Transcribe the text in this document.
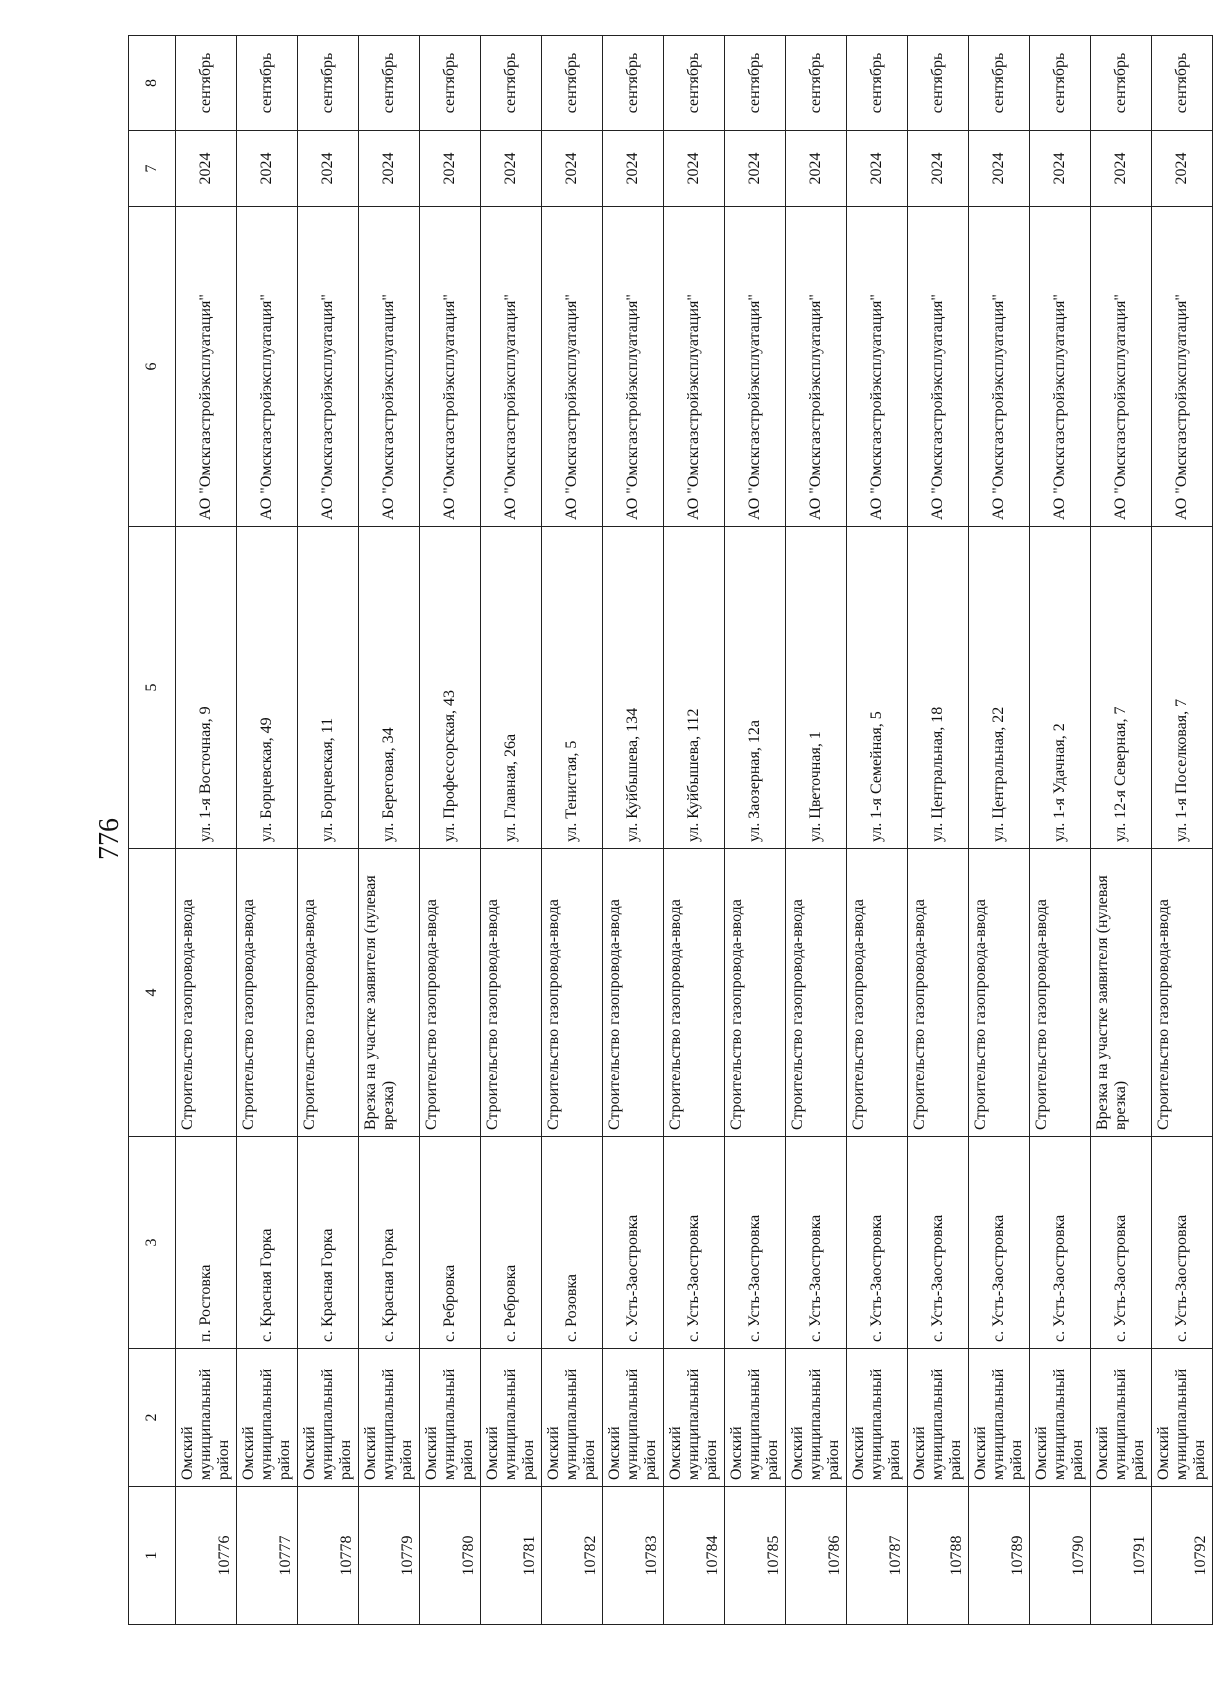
776
1	2	3	4	5	6	7	8
10776	Омский муниципальный район	п. Ростовка	Строительство газопровода-ввода	ул. 1-я Восточная, 9	АО "Омскгазстройэксплуатация"	2024	сентябрь
10777	Омский муниципальный район	с. Красная Горка	Строительство газопровода-ввода	ул. Борцевская, 49	АО "Омскгазстройэксплуатация"	2024	сентябрь
10778	Омский муниципальный район	с. Красная Горка	Строительство газопровода-ввода	ул. Борцевская, 11	АО "Омскгазстройэксплуатация"	2024	сентябрь
10779	Омский муниципальный район	с. Красная Горка	Врезка на участке заявителя (нулевая врезка)	ул. Береговая, 34	АО "Омскгазстройэксплуатация"	2024	сентябрь
10780	Омский муниципальный район	с. Ребровка	Строительство газопровода-ввода	ул. Профессорская, 43	АО "Омскгазстройэксплуатация"	2024	сентябрь
10781	Омский муниципальный район	с. Ребровка	Строительство газопровода-ввода	ул. Главная, 26а	АО "Омскгазстройэксплуатация"	2024	сентябрь
10782	Омский муниципальный район	с. Розовка	Строительство газопровода-ввода	ул. Тенистая, 5	АО "Омскгазстройэксплуатация"	2024	сентябрь
10783	Омский муниципальный район	с. Усть-Заостровка	Строительство газопровода-ввода	ул. Куйбышева, 134	АО "Омскгазстройэксплуатация"	2024	сентябрь
10784	Омский муниципальный район	с. Усть-Заостровка	Строительство газопровода-ввода	ул. Куйбышева, 112	АО "Омскгазстройэксплуатация"	2024	сентябрь
10785	Омский муниципальный район	с. Усть-Заостровка	Строительство газопровода-ввода	ул. Заозерная, 12а	АО "Омскгазстройэксплуатация"	2024	сентябрь
10786	Омский муниципальный район	с. Усть-Заостровка	Строительство газопровода-ввода	ул. Цветочная, 1	АО "Омскгазстройэксплуатация"	2024	сентябрь
10787	Омский муниципальный район	с. Усть-Заостровка	Строительство газопровода-ввода	ул. 1-я Семейная, 5	АО "Омскгазстройэксплуатация"	2024	сентябрь
10788	Омский муниципальный район	с. Усть-Заостровка	Строительство газопровода-ввода	ул. Центральная, 18	АО "Омскгазстройэксплуатация"	2024	сентябрь
10789	Омский муниципальный район	с. Усть-Заостровка	Строительство газопровода-ввода	ул. Центральная, 22	АО "Омскгазстройэксплуатация"	2024	сентябрь
10790	Омский муниципальный район	с. Усть-Заостровка	Строительство газопровода-ввода	ул. 1-я Удачная, 2	АО "Омскгазстройэксплуатация"	2024	сентябрь
10791	Омский муниципальный район	с. Усть-Заостровка	Врезка на участке заявителя (нулевая врезка)	ул. 12-я Северная, 7	АО "Омскгазстройэксплуатация"	2024	сентябрь
10792	Омский муниципальный район	с. Усть-Заостровка	Строительство газопровода-ввода	ул. 1-я Поселковая, 7	АО "Омскгазстройэксплуатация"	2024	сентябрь
